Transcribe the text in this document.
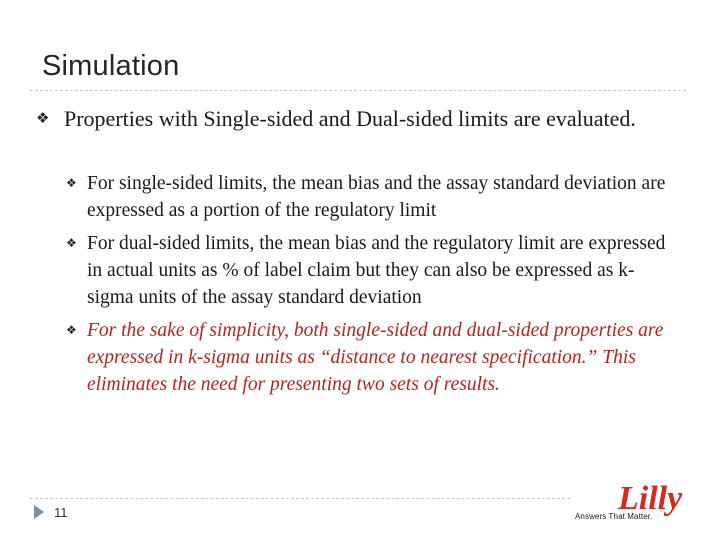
Simulation
❖ Properties with Single-sided and Dual-sided limits are evaluated.
❖ For single-sided limits, the mean bias and the assay standard deviation are expressed as a portion of the regulatory limit
❖ For dual-sided limits, the mean bias and the regulatory limit are expressed in actual units as % of label claim but they can also be expressed as k-sigma units of the assay standard deviation
❖ For the sake of simplicity, both single-sided and dual-sided properties are expressed in k-sigma units as “distance to nearest specification.” This eliminates the need for presenting two sets of results.
11	Lilly
Answers That Matter.
